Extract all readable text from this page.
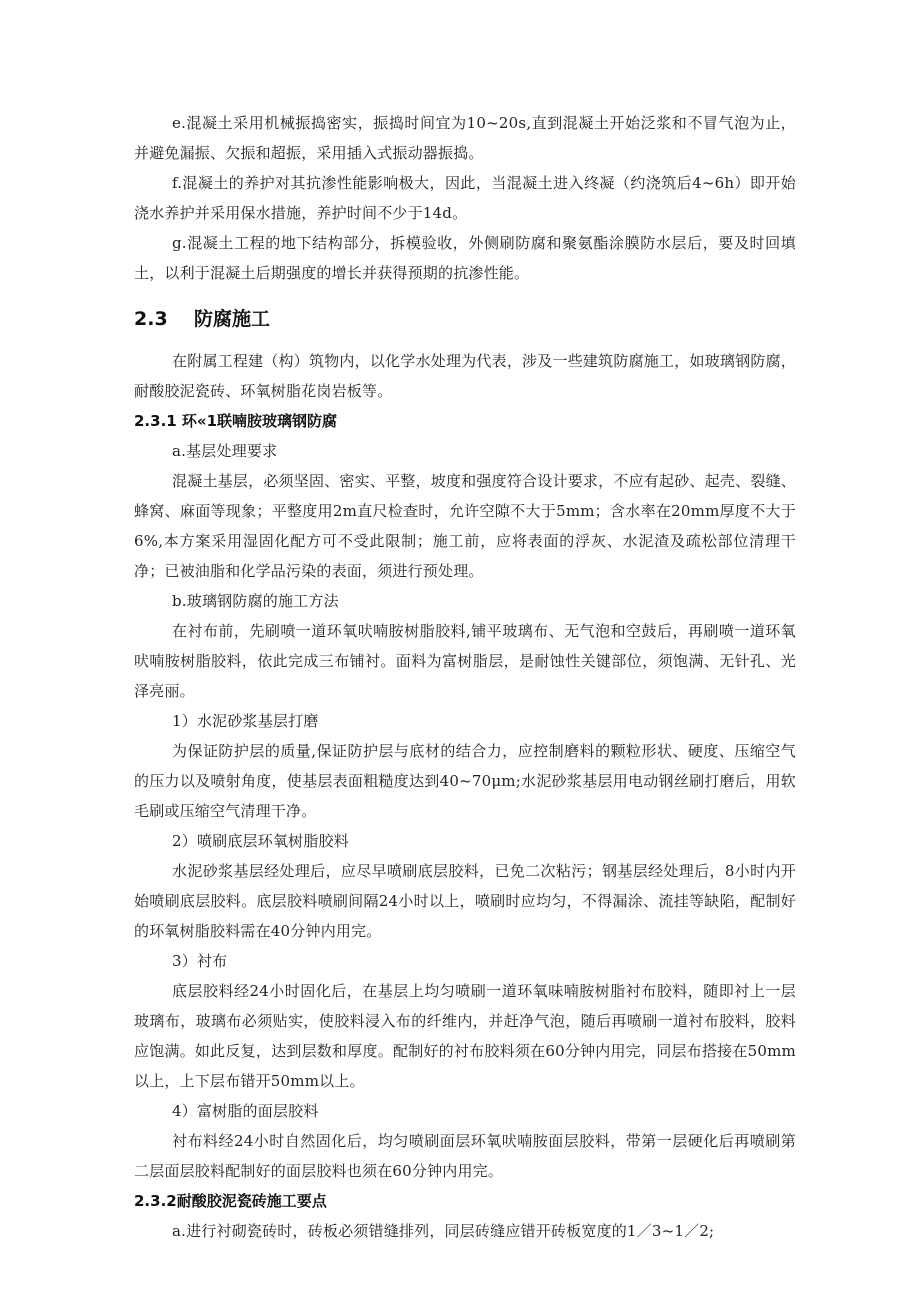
e.混凝土采用机械振捣密实，振捣时间宜为10~20s,直到混凝土开始泛浆和不冒气泡为止，并避免漏振、欠振和超振，采用插入式振动器振捣。

f.混凝土的养护对其抗渗性能影响极大，因此，当混凝土进入终凝（约浇筑后4~6h）即开始浇水养护并采用保水措施，养护时间不少于14d。

g.混凝土工程的地下结构部分，拆模验收，外侧刷防腐和聚氨酯涂膜防水层后，要及时回填土，以利于混凝土后期强度的增长并获得预期的抗渗性能。

2.3 防腐施工

在附属工程建（构）筑物内，以化学水处理为代表，涉及一些建筑防腐施工，如玻璃钢防腐，耐酸胶泥瓷砖、环氧树脂花岗岩板等。

2.3.1 环«1联喃胺玻璃钢防腐

a.基层处理要求

混凝土基层，必须坚固、密实、平整，坡度和强度符合设计要求，不应有起砂、起壳、裂缝、蜂窝、麻面等现象；平整度用2m直尺检查时，允许空隙不大于5mm；含水率在20mm厚度不大于6%,本方案采用湿固化配方可不受此限制；施工前，应将表面的浮灰、水泥渣及疏松部位清理干净；已被油脂和化学品污染的表面，须进行预处理。

b.玻璃钢防腐的施工方法

在衬布前，先刷喷一道环氧吠喃胺树脂胶料,铺平玻璃布、无气泡和空鼓后，再刷喷一道环氧吠喃胺树脂胶料，依此完成三布铺衬。面料为富树脂层，是耐蚀性关键部位，须饱满、无针孔、光泽亮丽。

1）水泥砂浆基层打磨

为保证防护层的质量,保证防护层与底材的结合力，应控制磨料的颗粒形状、硬度、压缩空气的压力以及喷射角度，使基层表面粗糙度达到40~70μm;水泥砂浆基层用电动钢丝刷打磨后，用软毛刷或压缩空气清理干净。

2）喷刷底层环氧树脂胶料

水泥砂浆基层经处理后，应尽早喷刷底层胶料，已免二次粘污；钢基层经处理后，8小时内开始喷刷底层胶料。底层胶料喷刷间隔24小时以上，喷刷时应均匀，不得漏涂、流挂等缺陷，配制好的环氧树脂胶料需在40分钟内用完。

3）衬布

底层胶料经24小时固化后，在基层上均匀喷刷一道环氧味喃胺树脂衬布胶料，随即衬上一层玻璃布，玻璃布必须贴实，使胶料浸入布的纤维内，并赶净气泡，随后再喷刷一道衬布胶料，胶料应饱满。如此反复，达到层数和厚度。配制好的衬布胶料须在60分钟内用完，同层布搭接在50mm以上，上下层布错开50mm以上。

4）富树脂的面层胶料

衬布料经24小时自然固化后，均匀喷刷面层环氧吠喃胺面层胶料，带第一层硬化后再喷刷第二层面层胶料配制好的面层胶料也须在60分钟内用完。

2.3.2耐酸胶泥瓷砖施工要点

a.进行衬砌瓷砖时，砖板必须错缝排列，同层砖缝应错开砖板宽度的1／3~1／2;
